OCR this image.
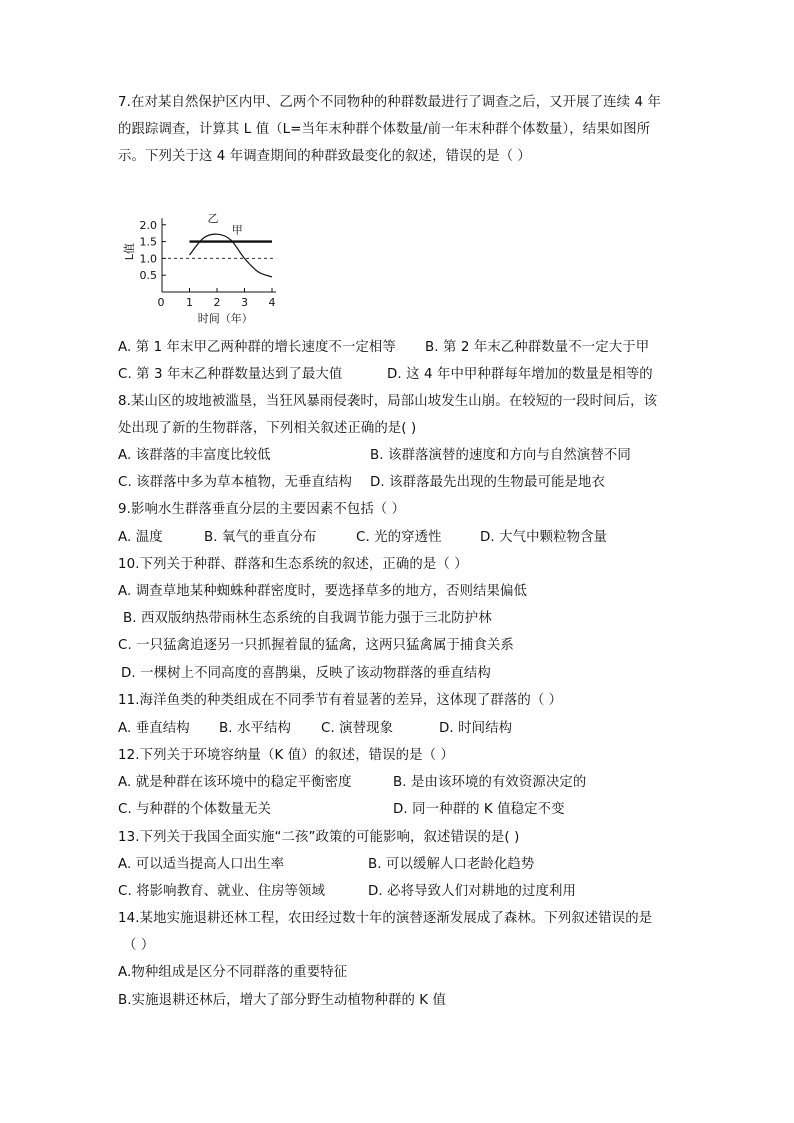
7.在对某自然保护区内甲、乙两个不同物种的种群数最进行了调查之后，又开展了连续 4 年
的跟踪调查，计算其 L 值（L=当年末种群个体数量/前一年末种群个体数量），结果如图所
示。下列关于这 4 年调查期间的种群致最变化的叙述，错误的是（ ）
0 1 2 3 4
0.5
1.0
1.5
2.0	甲
乙
L值
时间（年）
A. 第 1 年末甲乙两种群的增长速度不一定相等 B. 第 2 年末乙种群数量不一定大于甲
C. 第 3 年末乙种群数量达到了最大值	D. 这 4 年中甲种群每年增加的数量是相等的
8.某山区的坡地被滥垦，当狂风暴雨侵袭时，局部山坡发生山崩。在较短的一段时间后，该
处出现了新的生物群落，下列相关叙述正确的是( )
A. 该群落的丰富度比较低	B. 该群落演替的速度和方向与自然演替不同
C. 该群落中多为草本植物，无垂直结构 D. 该群落最先出现的生物最可能是地衣
9.影响水生群落垂直分层的主要因素不包括（ ）
A. 温度	B. 氧气的垂直分布	C. 光的穿透性	D. 大气中颗粒物含量
10.下列关于种群、群落和生态系统的叙述，正确的是（ ）
A. 调查草地某种蜘蛛种群密度时，要选择草多的地方，否则结果偏低
B. 西双版纳热带雨林生态系统的自我调节能力强于三北防护林
C. 一只猛禽追逐另一只抓握着鼠的猛禽，这两只猛禽属于捕食关系
D. 一棵树上不同高度的喜鹊巢，反映了该动物群落的垂直结构
11.海洋鱼类的种类组成在不同季节有着显著的差异，这体现了群落的（ ）
A. 垂直结构 B. 水平结构 C. 演替现象	D. 时间结构
12.下列关于环境容纳量（K 值）的叙述，错误的是（ ）
A. 就是种群在该环境中的稳定平衡密度	B. 是由该环境的有效资源决定的
C. 与种群的个体数量无关	D. 同一种群的 K 值稳定不变
13.下列关于我国全面实施“二孩”政策的可能影响，叙述错误的是( )
A. 可以适当提高人口出生率	B. 可以缓解人口老龄化趋势
C. 将影响教育、就业、住房等领域	D. 必将导致人们对耕地的过度利用
14.某地实施退耕还林工程，农田经过数十年的演替逐渐发展成了森林。下列叙述错误的是
（ ）
A.物种组成是区分不同群落的重要特征
B.实施退耕还林后，增大了部分野生动植物种群的 K 值
